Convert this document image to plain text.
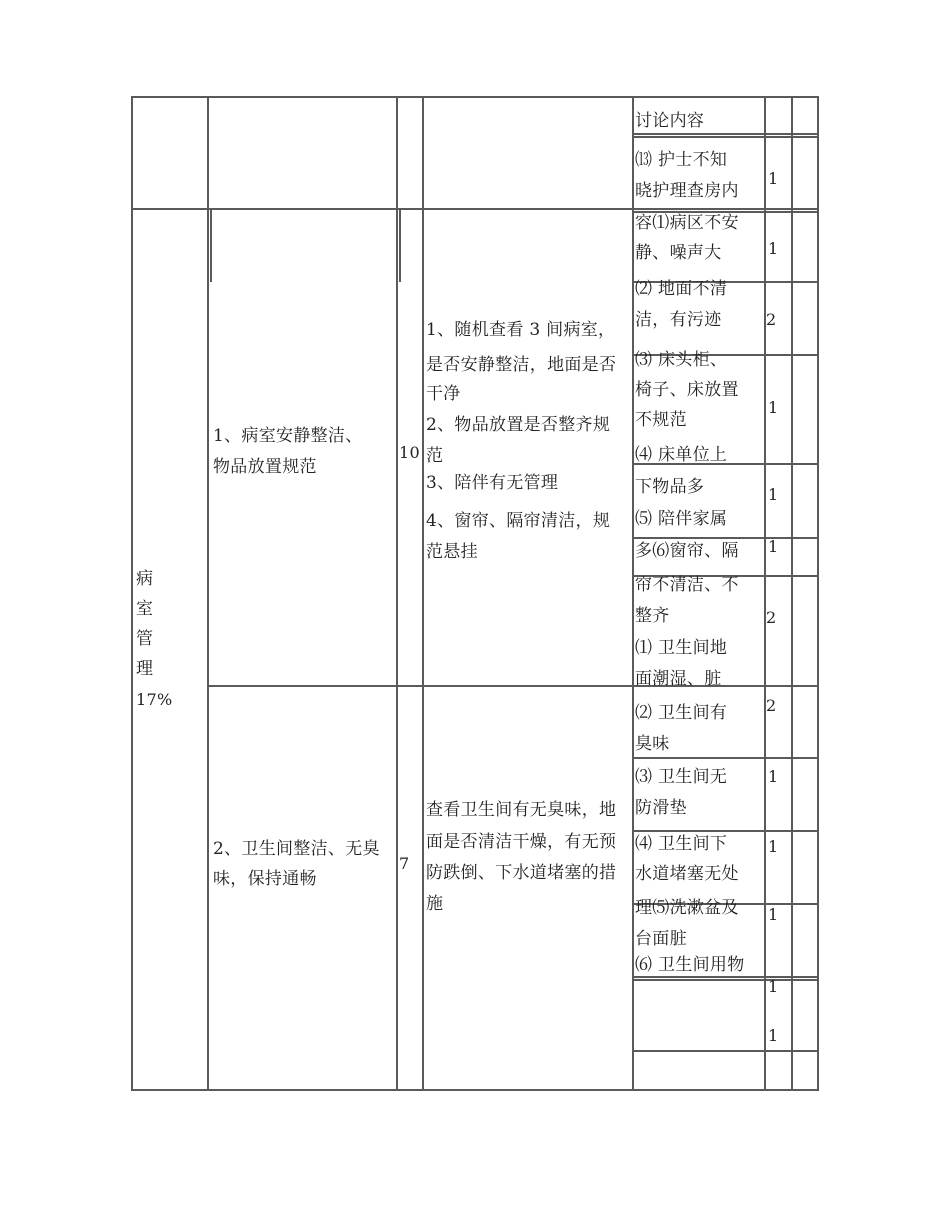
病
室
管
理
17%
讨论内容
⒀ 护士不知
晓护理查房内
1
1、病室安静整洁、
物品放置规范
10
1、随机查看 3 间病室，
是否安静整洁，地面是否
干净
2、物品放置是否整齐规
范
3、陪伴有无管理
4、窗帘、隔帘清洁，规
范悬挂
容⑴病区不安
静、噪声大	1
⑵ 地面不清
洁，有污迹	2
⑶ 床头柜、
椅子、床放置
不规范
⑷ 床单位上
1
下物品多
⑸ 陪伴家属
1
多⑹窗帘、隔 1
帘不清洁、不
整齐
⑴ 卫生间地
面潮湿、脏
2
2、卫生间整洁、无臭
味，保持通畅
7
查看卫生间有无臭味，地
面是否清洁干燥，有无预
防跌倒、下水道堵塞的措
施
⑵ 卫生间有
臭味
2
⑶ 卫生间无
防滑垫
1
⑷ 卫生间下
水道堵塞无处
1
理⑸洗漱盆及
台面脏
⑹ 卫生间用物
1
1
1
